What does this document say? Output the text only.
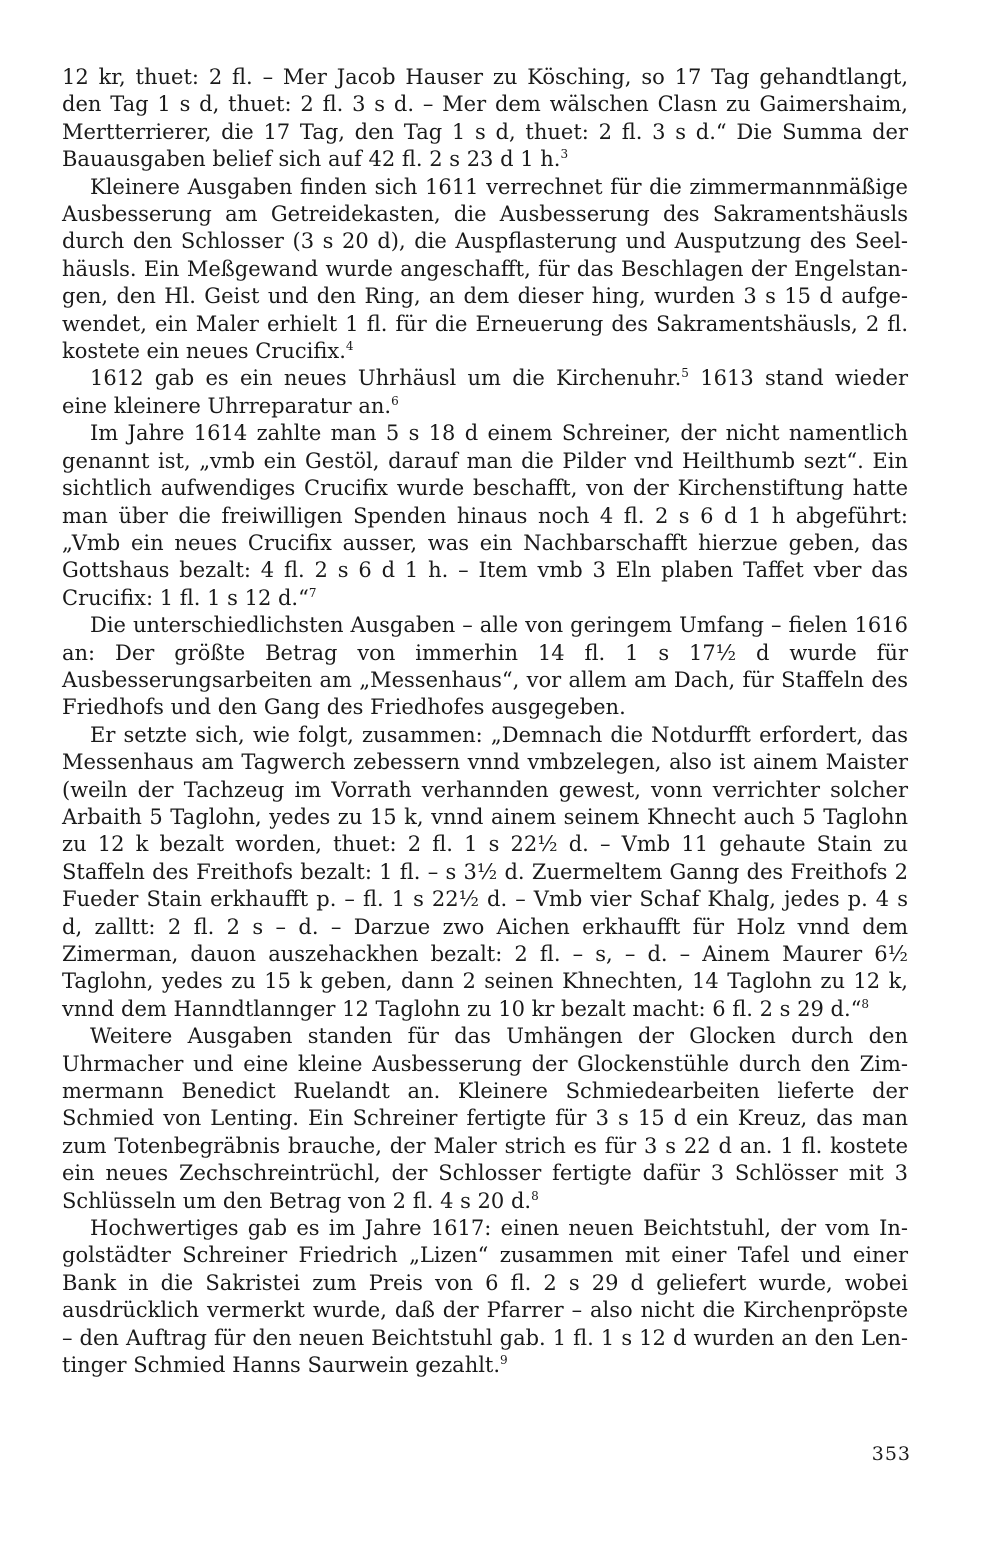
12 kr, thuet: 2 fl. – Mer Jacob Hauser zu Kösching, so 17 Tag gehandtlangt, den Tag 1 s d, thuet: 2 fl. 3 s d. – Mer dem wälschen Clasn zu Gaimershaim, Mertterrierer, die 17 Tag, den Tag 1 s d, thuet: 2 fl. 3 s d.“ Die Summa der Bauausgaben belief sich auf 42 fl. 2 s 23 d 1 h.$^3$

Kleinere Ausgaben finden sich 1611 verrechnet für die zimmermannmäßige Ausbesserung am Getreidekasten, die Ausbesserung des Sakramentshäusls durch den Schlosser (3 s 20 d), die Auspflasterung und Ausputzung des Seelhäusls. Ein Meßgewand wurde angeschafft, für das Beschlagen der Engelstangen, den Hl. Geist und den Ring, an dem dieser hing, wurden 3 s 15 d aufgewendet, ein Maler erhielt 1 fl. für die Erneuerung des Sakramentshäusls, 2 fl. kostete ein neues Crucifix.$^4$

1612 gab es ein neues Uhrhäusl um die Kirchenuhr.$^5$ 1613 stand wieder eine kleinere Uhrreparatur an.$^6$

Im Jahre 1614 zahlte man 5 s 18 d einem Schreiner, der nicht namentlich genannt ist, „vmb ein Gestöl, darauf man die Pilder vnd Heilthumb sezt“. Ein sichtlich aufwendiges Crucifix wurde beschafft, von der Kirchenstiftung hatte man über die freiwilligen Spenden hinaus noch 4 fl. 2 s 6 d 1 h abgeführt: „Vmb ein neues Crucifix ausser, was ein Nachbarschafft hierzue geben, das Gottshaus bezalt: 4 fl. 2 s 6 d 1 h. – Item vmb 3 Eln plaben Taffet vber das Crucifix: 1 fl. 1 s 12 d.“$^7$

Die unterschiedlichsten Ausgaben – alle von geringem Umfang – fielen 1616 an: Der größte Betrag von immerhin 14 fl. 1 s 17½ d wurde für Ausbesserungsarbeiten am „Messenhaus“, vor allem am Dach, für Staffeln des Friedhofs und den Gang des Friedhofes ausgegeben.

Er setzte sich, wie folgt, zusammen: „Demnach die Notdurfft erfordert, das Messenhaus am Tagwerch zebessern vnnd vmbzelegen, also ist ainem Maister (weiln der Tachzeug im Vorrath verhannden gewest, vonn verrichter solcher Arbaith 5 Taglohn, yedes zu 15 k, vnnd ainem seinem Khnecht auch 5 Taglohn zu 12 k bezalt worden, thuet: 2 fl. 1 s 22½ d. – Vmb 11 gehaute Stain zu Staffeln des Freithofs bezalt: 1 fl. – s 3½ d. Zuermeltem Ganng des Freithofs 2 Fueder Stain erkhaufft p. – fl. 1 s 22½ d. – Vmb vier Schaf Khalg, jedes p. 4 s d, zalltt: 2 fl. 2 s – d. – Darzue zwo Aichen erkhaufft für Holz vnnd dem Zimerman, dauon auszehackhen bezalt: 2 fl. – s, – d. – Ainem Maurer 6½ Taglohn, yedes zu 15 k geben, dann 2 seinen Khnechten, 14 Taglohn zu 12 k, vnnd dem Hanndtlannger 12 Taglohn zu 10 kr bezalt macht: 6 fl. 2 s 29 d.“$^8$

Weitere Ausgaben standen für das Umhängen der Glocken durch den Uhrmacher und eine kleine Ausbesserung der Glockenstühle durch den Zimmermann Benedict Ruelandt an. Kleinere Schmiedearbeiten lieferte der Schmied von Lenting. Ein Schreiner fertigte für 3 s 15 d ein Kreuz, das man zum Totenbegräbnis brauche, der Maler strich es für 3 s 22 d an. 1 fl. kostete ein neues Zechschreintrüchl, der Schlosser fertigte dafür 3 Schlösser mit 3 Schlüsseln um den Betrag von 2 fl. 4 s 20 d.$^8$

Hochwertiges gab es im Jahre 1617: einen neuen Beichtstuhl, der vom Ingolstädter Schreiner Friedrich „Lizen“ zusammen mit einer Tafel und einer Bank in die Sakristei zum Preis von 6 fl. 2 s 29 d geliefert wurde, wobei ausdrücklich vermerkt wurde, daß der Pfarrer – also nicht die Kirchenpröpste – den Auftrag für den neuen Beichtstuhl gab. 1 fl. 1 s 12 d wurden an den Lentinger Schmied Hanns Saurwein gezahlt.$^9$

353
